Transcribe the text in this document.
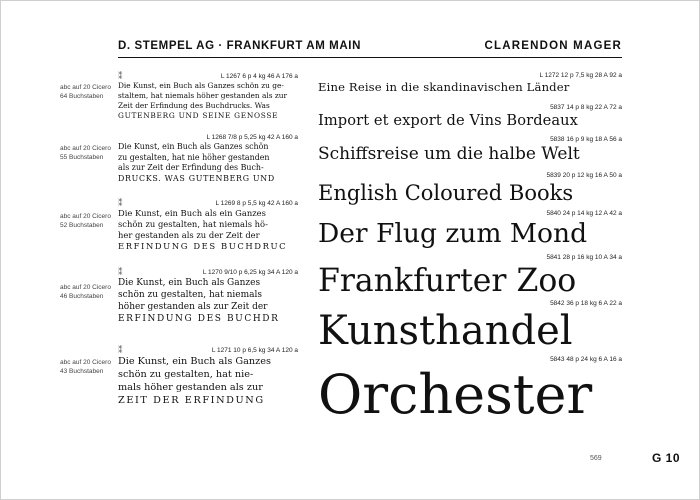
D. STEMPEL AG · FRANKFURT AM MAIN	CLARENDON MAGER
abc auf 20 Cicero
64 Buchstaben
⁑	L 1267 6 p 4 kg 46 A 176 a
Die Kunst, ein Buch als Ganzes schön zu ge-
staltem, hat niemals höher gestanden als zur
Zeit der Erfindung des Buchdrucks. Was
GUTENBERG UND SEINE GENOSSE
abc auf 20 Cicero
55 Buchstaben
L 1268 7/8 p 5,25 kg 42 A 160 a
Die Kunst, ein Buch als Ganzes schön
zu gestalten, hat nie höher gestanden
als zur Zeit der Erfindung des Buch-
DRUCKS. WAS GUTENBERG UND
abc auf 20 Cicero
52 Buchstaben
⁑	L 1269 8 p 5,5 kg 42 A 160 a
Die Kunst, ein Buch als ein Ganzes
schön zu gestalten, hat niemals hö-
her gestanden als zu der Zeit der
ERFINDUNG DES BUCHDRUC
abc auf 20 Cicero
46 Buchstaben
⁑	L 1270 9/10 p 6,25 kg 34 A 120 a
Die Kunst, ein Buch als Ganzes
schön zu gestalten, hat niemals
höher gestanden als zur Zeit der
ERFINDUNG DES BUCHDR
abc auf 20 Cicero
43 Buchstaben
⁑	L 1271 10 p 6,5 kg 34 A 120 a
Die Kunst, ein Buch als Ganzes
schön zu gestalten, hat nie-
mals höher gestanden als zur
ZEIT DER ERFINDUNG
L 1272 12 p 7,5 kg 28 A 92 a
Eine Reise in die skandinavischen Länder
5837 14 p 8 kg 22 A 72 a
Import et export de Vins Bordeaux
5838 16 p 9 kg 18 A 56 a
Schiffsreise um die halbe Welt
5839 20 p 12 kg 16 A 50 a
English Coloured Books
5840 24 p 14 kg 12 A 42 a
Der Flug zum Mond
5841 28 p 16 kg 10 A 34 a
Frankfurter Zoo
5842 36 p 18 kg 6 A 22 a
Kunsthandel
5843 48 p 24 kg 6 A 16 a
Orchester
569	G 10
